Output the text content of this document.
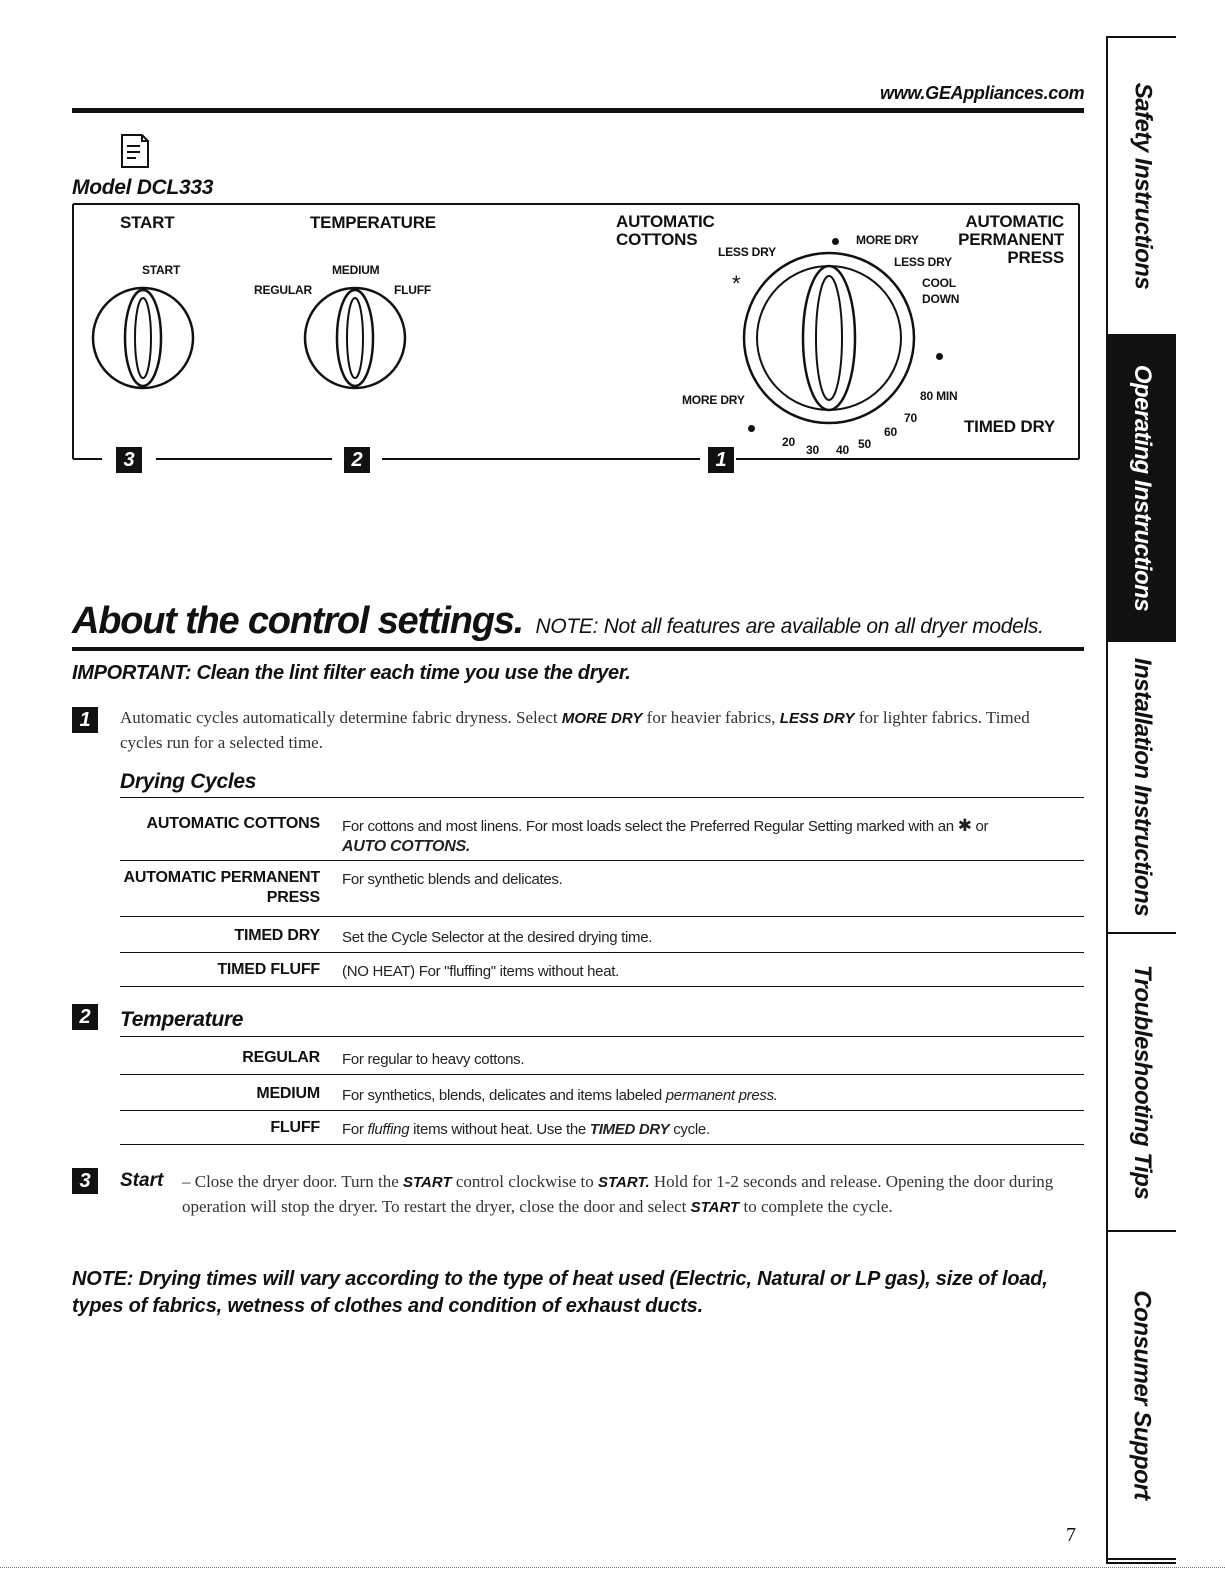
www.GEAppliances.com
Model DCL333
START
START
TEMPERATURE
MEDIUM
REGULAR	FLUFF
AUTOMATIC
COTTONS
LESS DRY
MORE DRY
LESS DRY
COOL
DOWN
AUTOMATIC
PERMANENT
PRESS
*
MORE DRY	80 MIN
70
60
50
40
30
20
TIMED DRY
3	2	1
About the control settings. NOTE: Not all features are available on all dryer models.
IMPORTANT: Clean the lint filter each time you use the dryer.
1	Automatic cycles automatically determine fabric dryness. Select MORE DRY for heavier fabrics, LESS DRY for lighter fabrics. Timed cycles run for a selected time.
Drying Cycles
AUTOMATIC COTTONS For cottons and most linens. For most loads select the Preferred Regular Setting marked with an ✱ or
AUTO COTTONS.
AUTOMATIC PERMANENT
PRESS
For synthetic blends and delicates.
TIMED DRY Set the Cycle Selector at the desired drying time.
TIMED FLUFF (NO HEAT) For "fluffing" items without heat.
2	Temperature
REGULAR For regular to heavy cottons.
MEDIUM For synthetics, blends, delicates and items labeled permanent press.
FLUFF For fluffing items without heat. Use the TIMED DRY cycle.
3	Start – Close the dryer door. Turn the START control clockwise to START. Hold for 1-2 seconds and release. Opening the door during operation will stop the dryer. To restart the dryer, close the door and select START to complete the cycle.
NOTE: Drying times will vary according to the type of heat used (Electric, Natural or LP gas), size of load, types of fabrics, wetness of clothes and condition of exhaust ducts.
Safety Instructions
Operating Instructions
Installation Instructions
Troubleshooting Tips
Consumer Support
7
